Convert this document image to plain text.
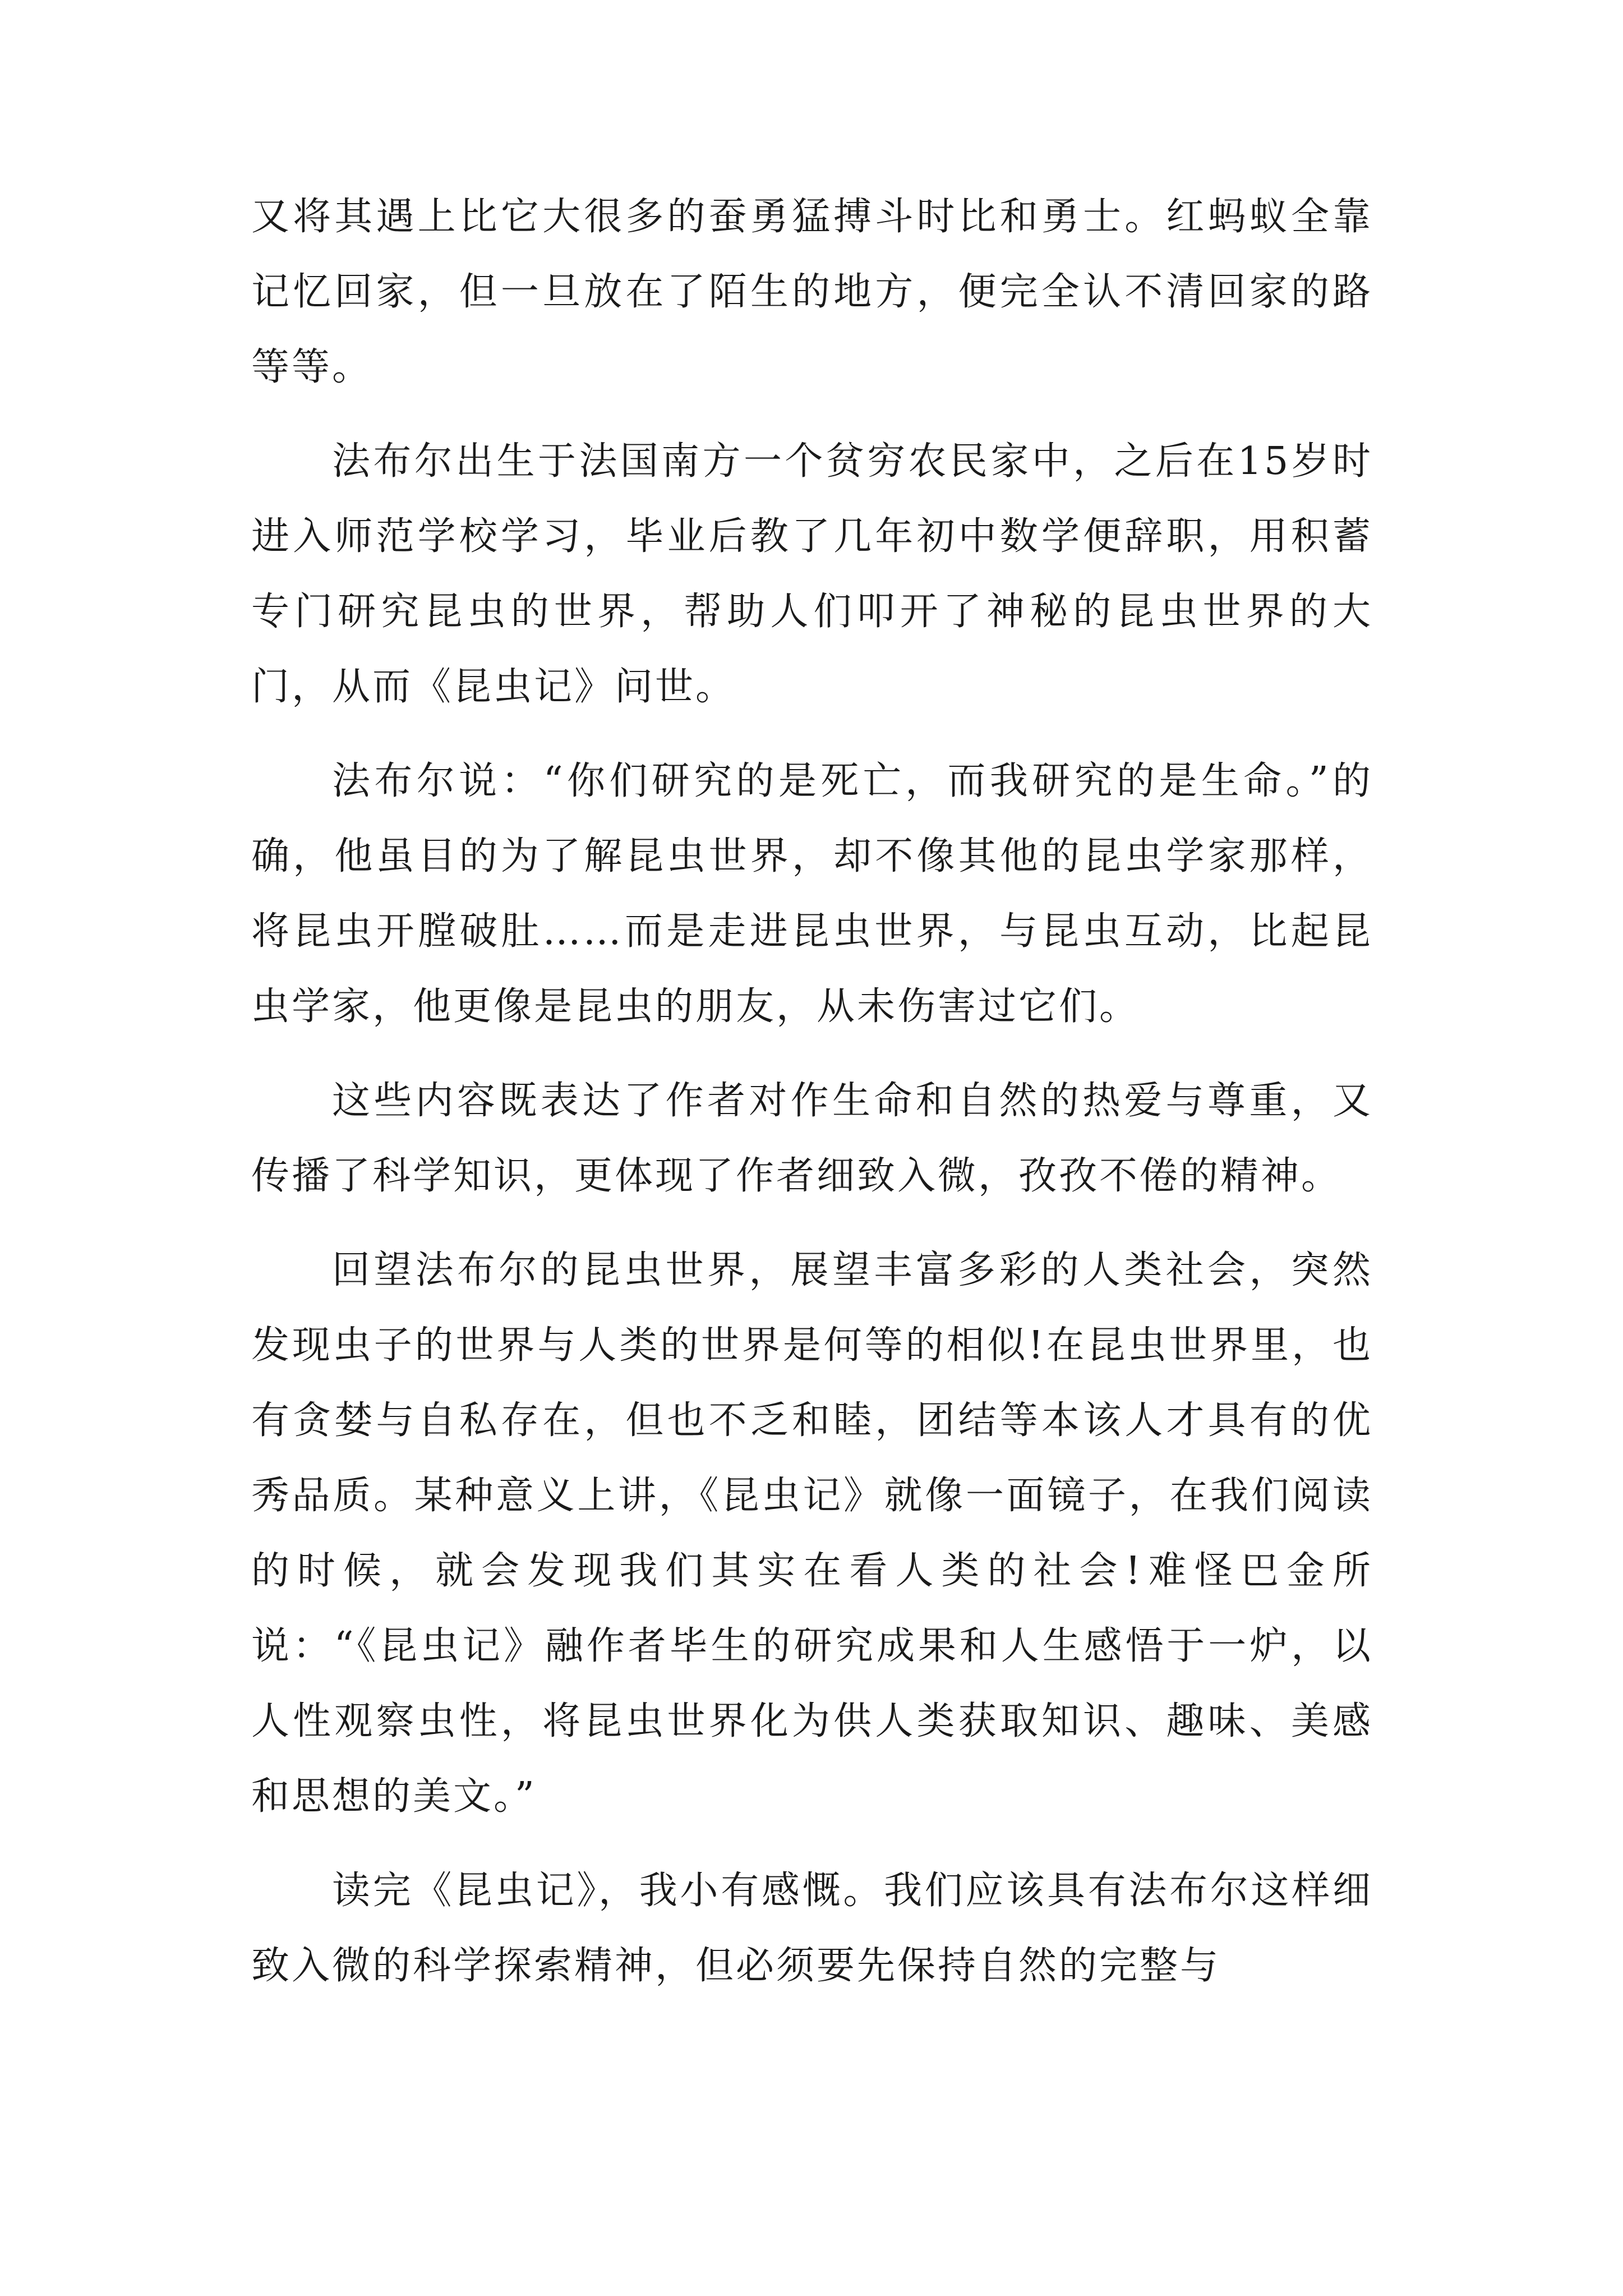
又将其遇上比它大很多的蚕勇猛搏斗时比和勇士。红蚂蚁全靠记忆回家，但一旦放在了陌生的地方，便完全认不清回家的路等等。

法布尔出生于法国南方一个贫穷农民家中，之后在15岁时进入师范学校学习，毕业后教了几年初中数学便辞职，用积蓄专门研究昆虫的世界，帮助人们叩开了神秘的昆虫世界的大门，从而《昆虫记》问世。

法布尔说：“你们研究的是死亡，而我研究的是生命。”的确，他虽目的为了解昆虫世界，却不像其他的昆虫学家那样，将昆虫开膛破肚……而是走进昆虫世界，与昆虫互动，比起昆虫学家，他更像是昆虫的朋友，从未伤害过它们。

这些内容既表达了作者对作生命和自然的热爱与尊重，又传播了科学知识，更体现了作者细致入微，孜孜不倦的精神。

回望法布尔的昆虫世界，展望丰富多彩的人类社会，突然发现虫子的世界与人类的世界是何等的相似!在昆虫世界里，也有贪婪与自私存在，但也不乏和睦，团结等本该人才具有的优秀品质。某种意义上讲，《昆虫记》就像一面镜子，在我们阅读的时候，就会发现我们其实在看人类的社会!难怪巴金所说：“《昆虫记》融作者毕生的研究成果和人生感悟于一炉，以人性观察虫性，将昆虫世界化为供人类获取知识、趣味、美感和思想的美文。”

读完《昆虫记》，我小有感慨。我们应该具有法布尔这样细致入微的科学探索精神，但必须要先保持自然的完整与
